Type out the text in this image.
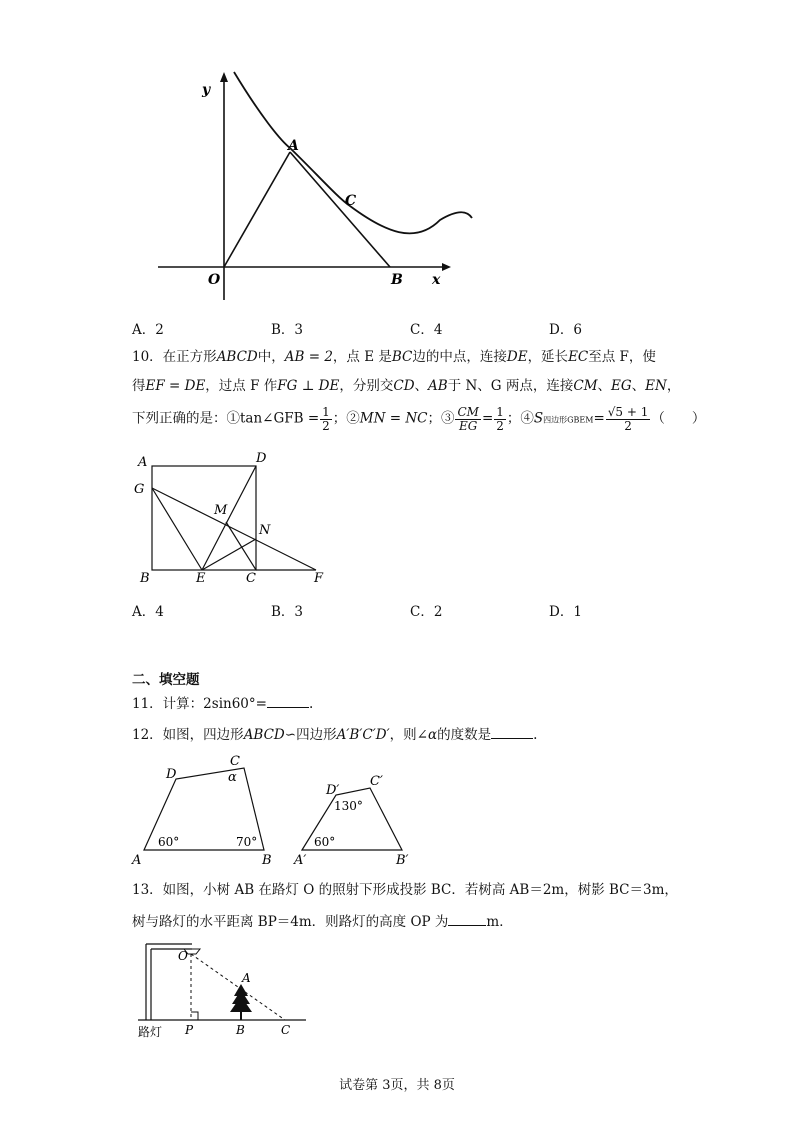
y
x
O
A
C
B
A．2	B．3	C．4	D．6
10．在正方形ABCD中，AB = 2，点 E 是BC边的中点，连接DE，延长EC至点 F，使
得EF = DE，过点 F 作FG ⊥ DE，分别交CD、AB于 N、G 两点，连接CM、EG、EN，
下列正确的是：①tan∠GFB = $\frac{1}{2}$ ；②MN = NC；③ $\frac{CM}{EG} = \frac{1}{2}$ ；④S四边形GBEM= $\frac{√5 + 1}{2}$ （　　）
A	D
G
M
N
B	E	C	F
A．4	B．3	C．2	D．1
二、填空题
11．计算：2sin60°=	.
12．如图，四边形ABCD∽四边形A′B′C′D′，则∠α的度数是	.
D
C
α
60°	70°
A	B
D′
C′
130°
60°
A′	B′
13．如图，小树 AB 在路灯 O 的照射下形成投影 BC．若树高 AB＝2m，树影 BC＝3m，
树与路灯的水平距离 BP＝4m．则路灯的高度 OP 为	m．
O
A
路灯 P	B	C
试卷第 3页，共 8页
